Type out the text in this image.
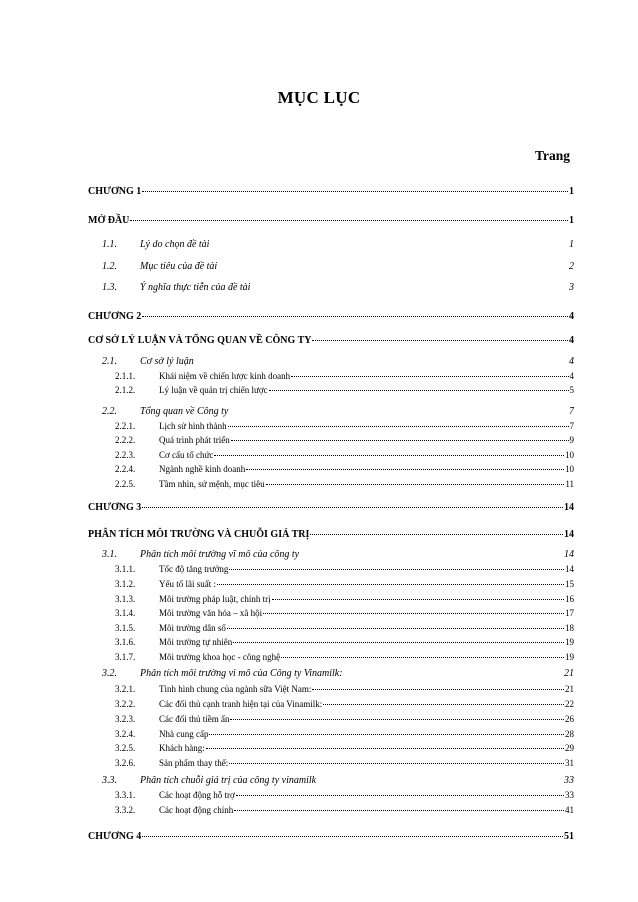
MỤC LỤC
Trang
CHƯƠNG 1	1
MỞ ĐẦU	1
1.1.	Lý do chọn đề tài	1
1.2.	Mục tiêu của đề tài	2
1.3.	Ý nghĩa thực tiễn của đề tài	3
CHƯƠNG 2	4
CƠ SỞ LÝ LUẬN VÀ TỔNG QUAN VỀ CÔNG TY	4
2.1.	Cơ sở lý luận	4
2.1.1.	Khái niệm về chiến lược kinh doanh	4
2.1.2.	Lý luận về quản trị chiến lược	5
2.2.	Tổng quan về Công ty	7
2.2.1.	Lịch sử hình thành	7
2.2.2.	Quá trình phát triển	9
2.2.3.	Cơ cấu tổ chức	10
2.2.4.	Ngành nghề kinh doanh	10
2.2.5.	Tầm nhìn, sứ mệnh, mục tiêu	11
CHƯƠNG 3	14
PHÂN TÍCH MÔI TRƯỜNG VÀ CHUỖI GIÁ TRỊ	14
3.1.	Phân tích môi trường vĩ mô của công ty	14
3.1.1.	Tốc độ tăng trưởng	14
3.1.2.	Yếu tố lãi suất :	15
3.1.3.	Môi trường pháp luật, chính trị	16
3.1.4.	Môi trường văn hóa – xã hội	17
3.1.5.	Môi trường dân số	18
3.1.6.	Môi trường tự nhiên	19
3.1.7.	Môi trường khoa học - công nghệ	19
3.2.	Phân tích môi trường vi mô của Công ty Vinamilk:	21
3.2.1.	Tình hình chung của ngành sữa Việt Nam:	21
3.2.2.	Các đối thủ cạnh tranh hiện tại của Vinamilk:	22
3.2.3.	Các đối thủ tiềm ẩn	26
3.2.4.	Nhà cung cấp	28
3.2.5.	Khách hàng:	29
3.2.6.	Sản phẩm thay thế:	31
3.3.	Phân tích chuỗi giá trị của công ty vinamilk	33
3.3.1.	Các hoạt động hỗ trợ	33
3.3.2.	Các hoạt động chính	41
CHƯƠNG 4	51
